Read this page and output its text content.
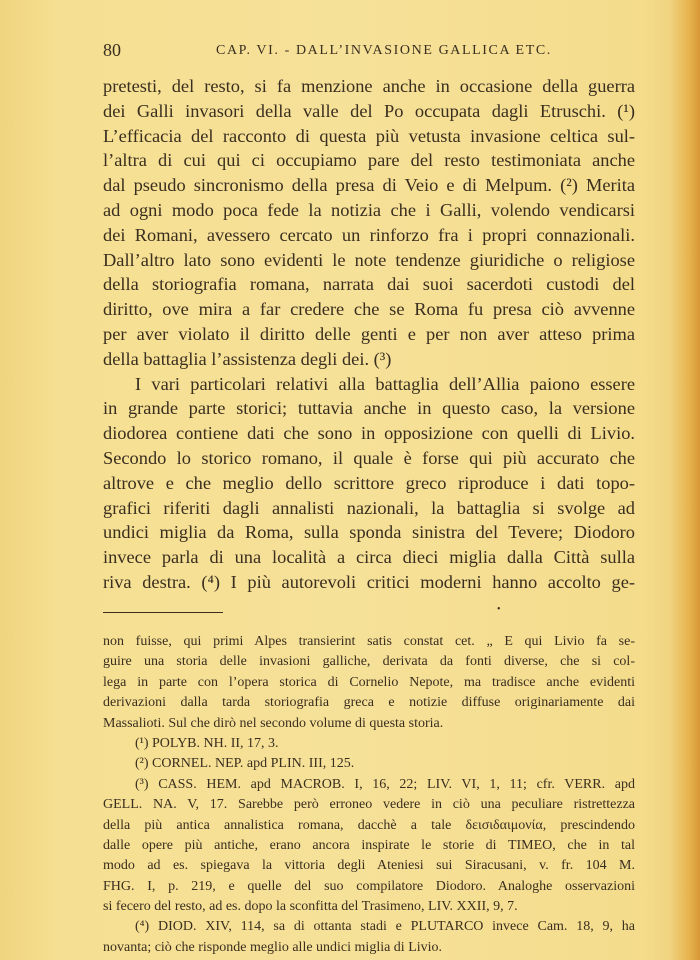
80	CAP. VI. - DALL’INVASIONE GALLICA ETC.
pretesti, del resto, si fa menzione anche in occasione della guerra
dei Galli invasori della valle del Po occupata dagli Etruschi. (¹)
L’efficacia del racconto di questa più vetusta invasione celtica sul-
l’altra di cui qui ci occupiamo pare del resto testimoniata anche
dal pseudo sincronismo della presa di Veio e di Melpum. (²) Merita
ad ogni modo poca fede la notizia che i Galli, volendo vendicarsi
dei Romani, avessero cercato un rinforzo fra i propri connazionali.
Dall’altro lato sono evidenti le note tendenze giuridiche o religiose
della storiografia romana, narrata dai suoi sacerdoti custodi del
diritto, ove mira a far credere che se Roma fu presa ciò avvenne
per aver violato il diritto delle genti e per non aver atteso prima
della battaglia l’assistenza degli dei. (³)
I vari particolari relativi alla battaglia dell’Allia paiono essere
in grande parte storici; tuttavia anche in questo caso, la versione
diodorea contiene dati che sono in opposizione con quelli di Livio.
Secondo lo storico romano, il quale è forse qui più accurato che
altrove e che meglio dello scrittore greco riproduce i dati topo-
grafici riferiti dagli annalisti nazionali, la battaglia si svolge ad
undici miglia da Roma, sulla sponda sinistra del Tevere; Diodoro
invece parla di una località a circa dieci miglia dalla Città sulla
riva destra. (⁴) I più autorevoli critici moderni hanno accolto ge-
•
non fuisse, qui primi Alpes transierint satis constat cet. „ E qui Livio fa se-
guire una storia delle invasioni galliche, derivata da fonti diverse, che si col-
lega in parte con l’opera storica di Cornelio Nepote, ma tradisce anche evidenti
derivazioni dalla tarda storiografia greca e notizie diffuse originariamente dai
Massalioti. Sul che dirò nel secondo volume di questa storia.
(¹) POLYB. NH. II, 17, 3.
(²) CORNEL. NEP. apd PLIN. III, 125.
(³) CASS. HEM. apd MACROB. I, 16, 22; LIV. VI, 1, 11; cfr. VERR. apd
GELL. NA. V, 17. Sarebbe però erroneo vedere in ciò una peculiare ristrettezza
della più antica annalistica romana, dacchè a tale δεισιδαιμονία, prescindendo
dalle opere più antiche, erano ancora inspirate le storie di TIMEO, che in tal
modo ad es. spiegava la vittoria degli Ateniesi sui Siracusani, v. fr. 104 M.
FHG. I, p. 219, e quelle del suo compilatore Diodoro. Analoghe osservazioni
si fecero del resto, ad es. dopo la sconfitta del Trasimeno, LIV. XXII, 9, 7.
(⁴) DIOD. XIV, 114, sa di ottanta stadi e PLUTARCO invece Cam. 18, 9, ha
novanta; ciò che risponde meglio alle undici miglia di Livio.
